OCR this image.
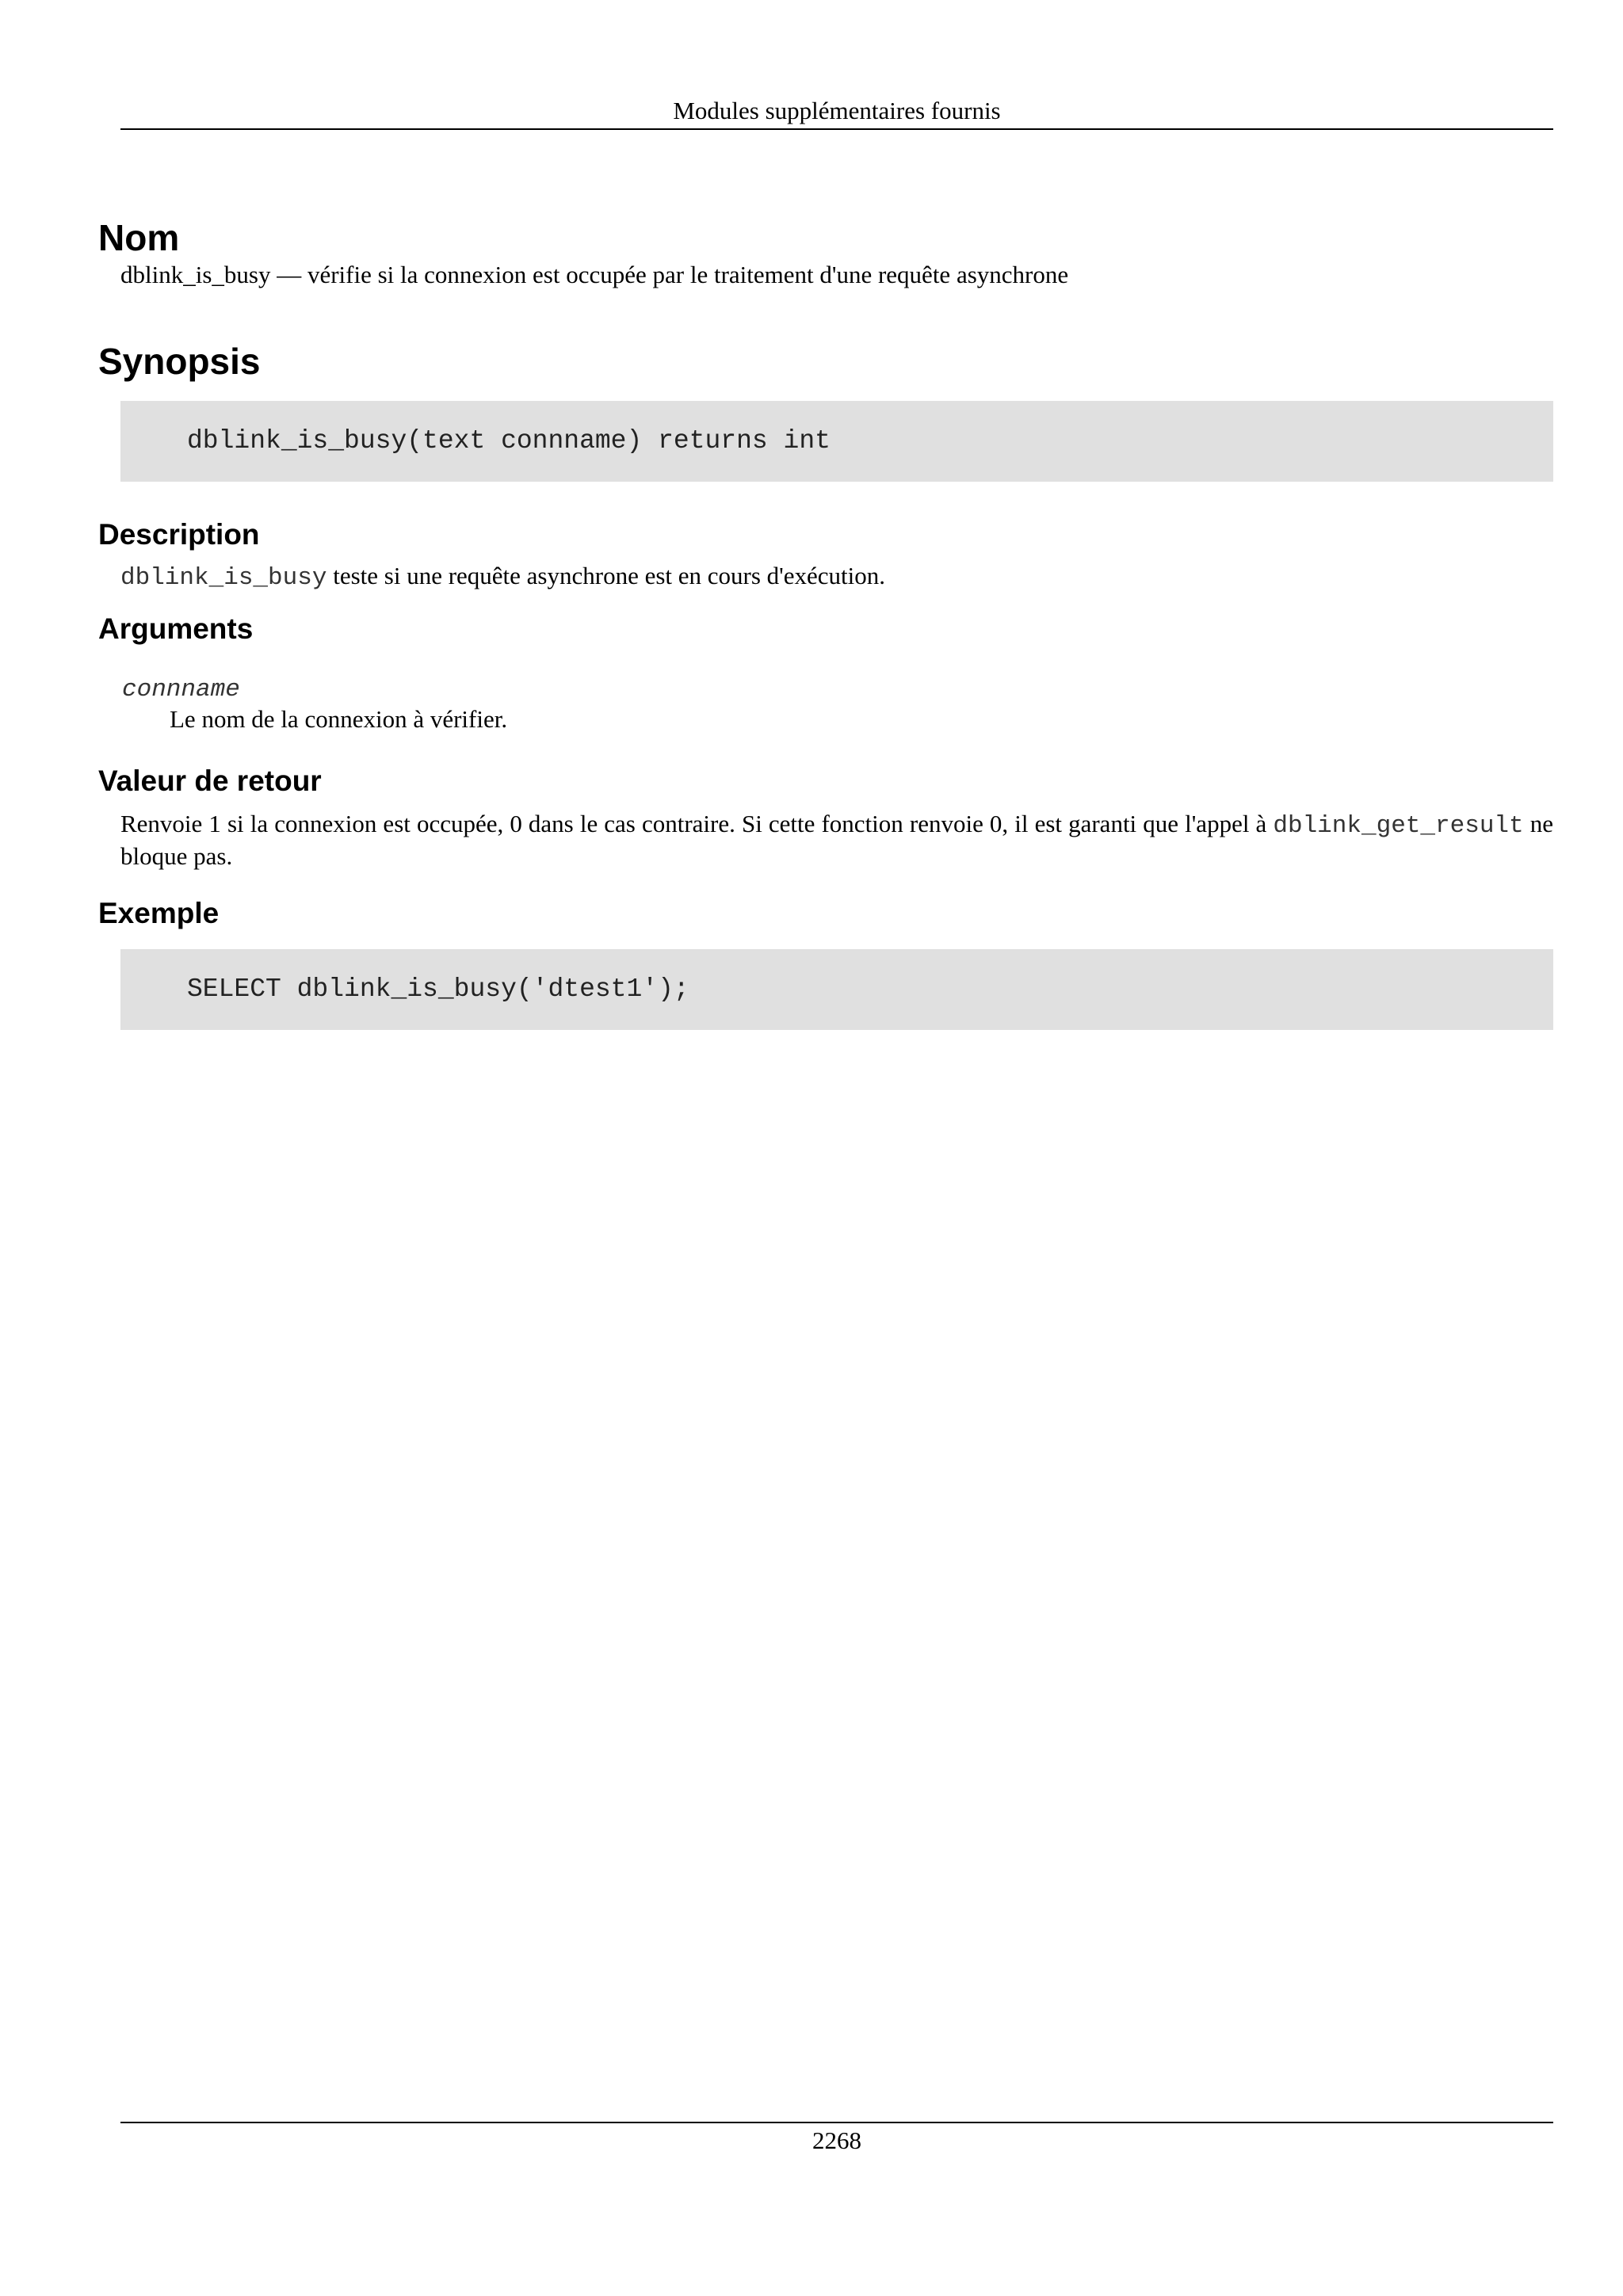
Modules supplémentaires fournis
Nom
dblink_is_busy — vérifie si la connexion est occupée par le traitement d'une requête asynchrone
Synopsis
dblink_is_busy(text connname) returns int
Description
dblink_is_busy teste si une requête asynchrone est en cours d'exécution.
Arguments
connname
Le nom de la connexion à vérifier.
Valeur de retour
Renvoie 1 si la connexion est occupée, 0 dans le cas contraire. Si cette fonction renvoie 0, il est garanti que l'appel à dblink_get_result ne bloque pas.
Exemple
SELECT dblink_is_busy('dtest1');
2268
